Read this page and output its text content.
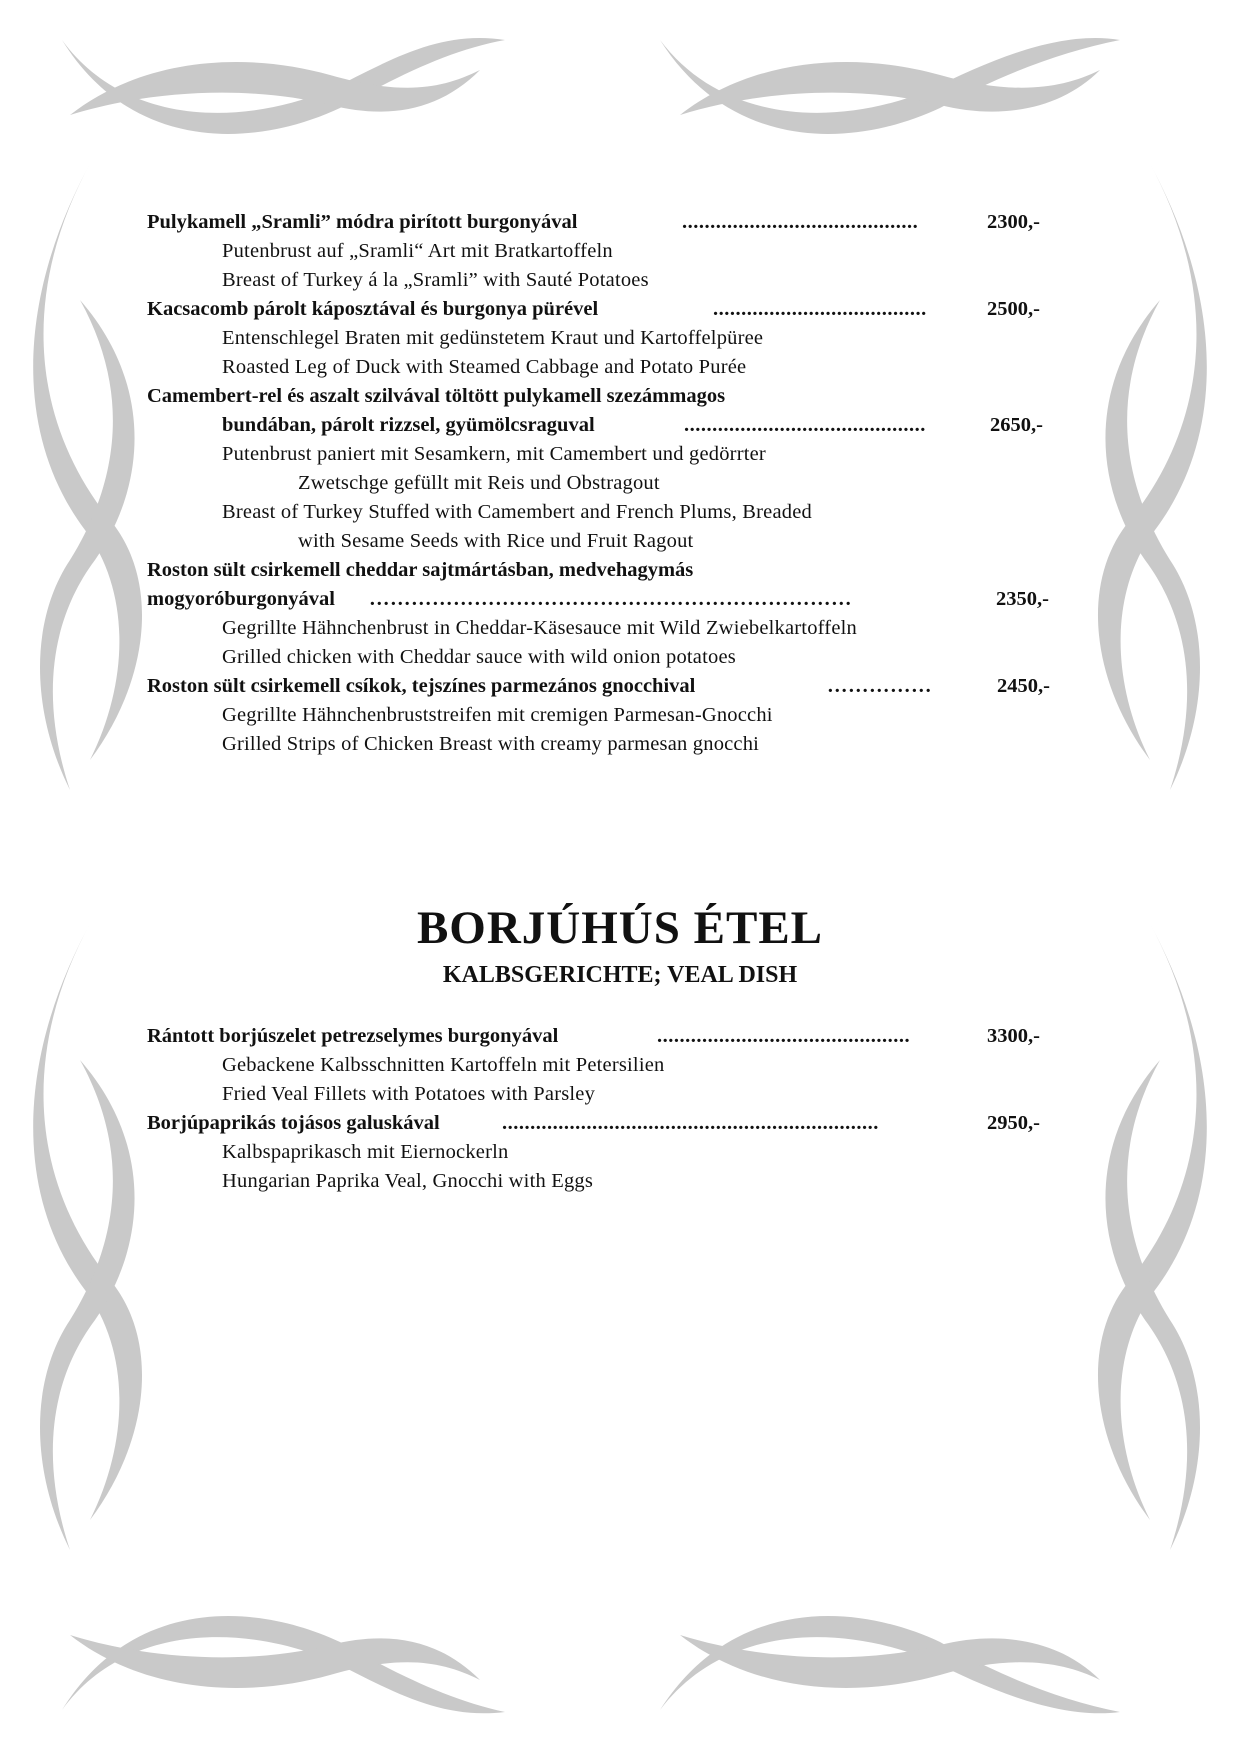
Pulykamell „Sramli” módra pirított burgonyával	..........................................	2300,-
Putenbrust auf „Sramli“ Art mit Bratkartoffeln
Breast of Turkey á la „Sramli” with Sauté Potatoes
Kacsacomb párolt káposztával és burgonya pürével	......................................	2500,-
Entenschlegel Braten mit gedünstetem Kraut und Kartoffelpüree
Roasted Leg of Duck with Steamed Cabbage and Potato Purée
Camembert-rel és aszalt szilvával töltött pulykamell szezámmagos
bundában, párolt rizzsel, gyümölcsraguval	...........................................	2650,-
Putenbrust paniert mit Sesamkern, mit Camembert und gedörrter
Zwetschge gefüllt mit Reis und Obstragout
Breast of Turkey Stuffed with Camembert and French Plums, Breaded
with Sesame Seeds with Rice und Fruit Ragout
Roston sült csirkemell cheddar sajtmártásban, medvehagymás
mogyoróburgonyával ……………………………………………………………	2350,-
Gegrillte Hähnchenbrust in Cheddar-Käsesauce mit Wild Zwiebelkartoffeln
Grilled chicken with Cheddar sauce with wild onion potatoes
Roston sült csirkemell csíkok, tejszínes parmezános gnocchival	……………	2450,-
Gegrillte Hähnchenbruststreifen mit cremigen Parmesan-Gnocchi
Grilled Strips of Chicken Breast with creamy parmesan gnocchi
BORJÚHÚS ÉTEL
KALBSGERICHTE; VEAL DISH
Rántott borjúszelet petrezselymes burgonyával	.............................................	3300,-
Gebackene Kalbsschnitten Kartoffeln mit Petersilien
Fried Veal Fillets with Potatoes with Parsley
Borjúpaprikás tojásos galuskával	...................................................................	2950,-
Kalbspaprikasch mit Eiernockerln
Hungarian Paprika Veal, Gnocchi with Eggs
